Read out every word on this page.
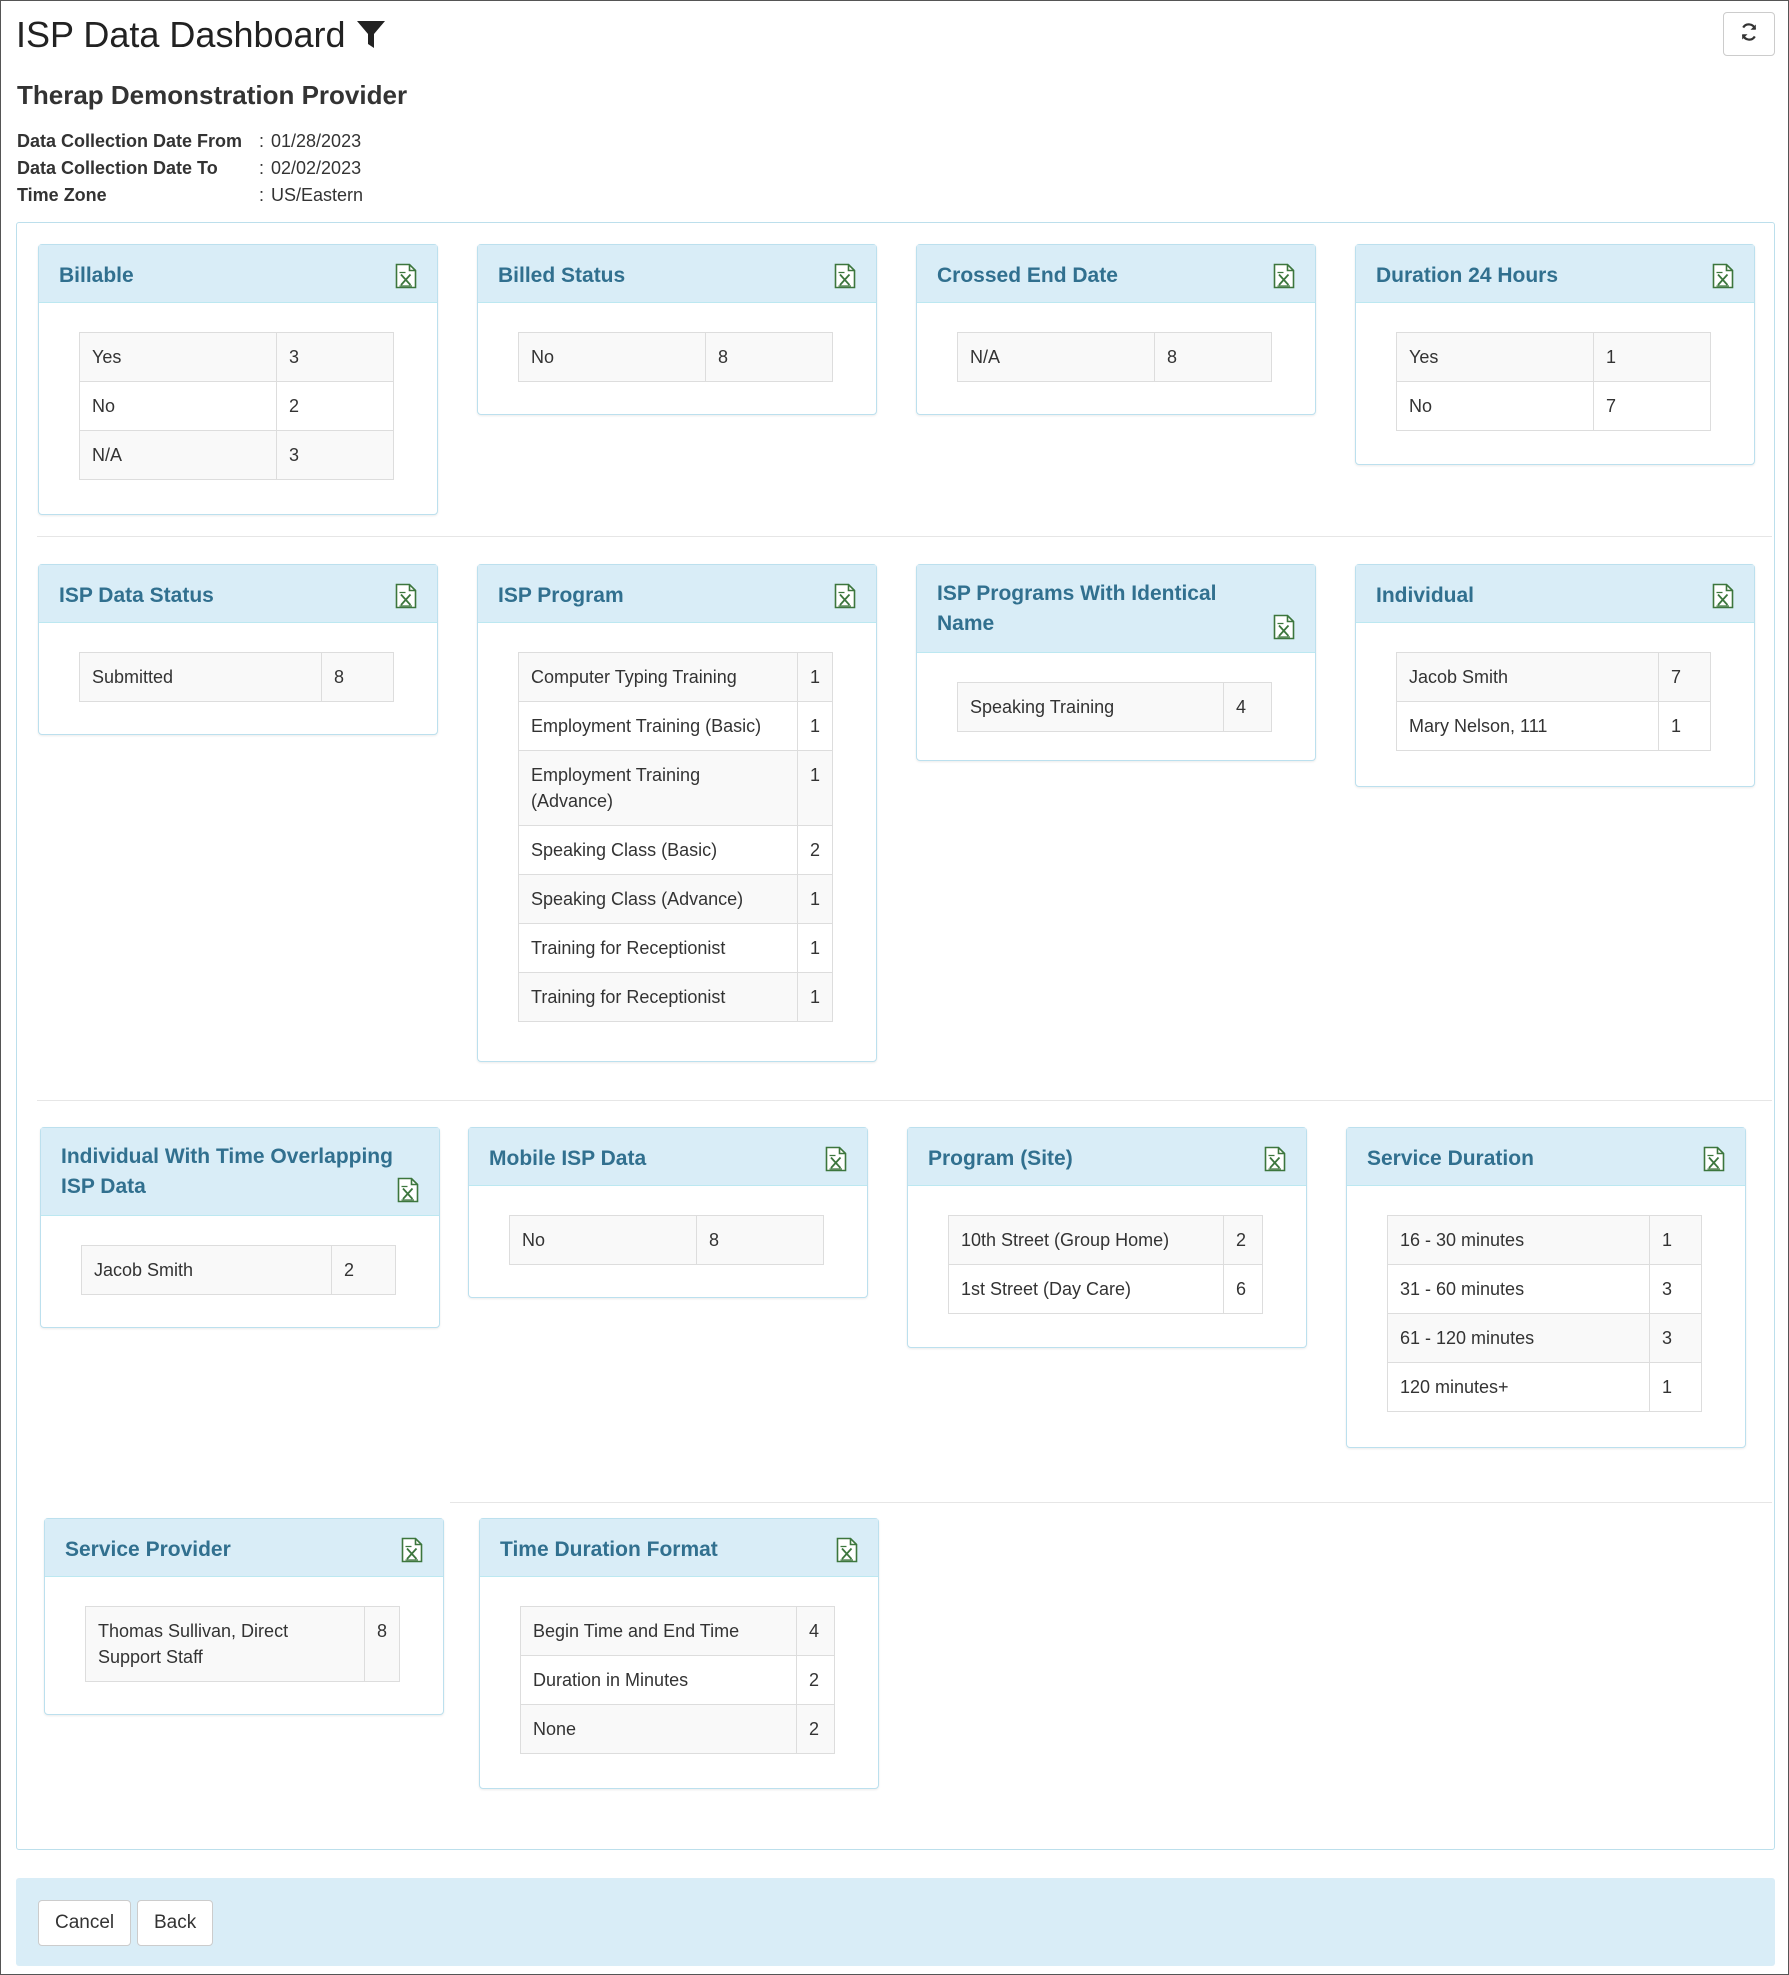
ISP Data Dashboard
Therap Demonstration Provider
Data Collection Date From : 01/28/2023
Data Collection Date To	: 02/02/2023
Time Zone	: US/Eastern
Billable
Yes	3
No	2
N/A	3
Billed Status
No	8
Crossed End Date
N/A	8
Duration 24 Hours
Yes	1
No	7
ISP Data Status
Submitted	8
ISP Program
Computer Typing Training	1
Employment Training (Basic)	1
Employment Training (Advance)	1
Speaking Class (Basic)	2
Speaking Class (Advance)	1
Training for Receptionist	1
Training for Receptionist	1
ISP Programs With Identical Name
Speaking Training	4
Individual
Jacob Smith	7
Mary Nelson, 111	1
Individual With Time Overlapping ISP Data
Jacob Smith	2
Mobile ISP Data
No	8
Program (Site)
10th Street (Group Home)	2
1st Street (Day Care)	6
Service Duration
16 - 30 minutes	1
31 - 60 minutes	3
61 - 120 minutes	3
120 minutes+	1
Service Provider
Thomas Sullivan, Direct Support Staff	8
Time Duration Format
Begin Time and End Time	4
Duration in Minutes	2
None	2
Cancel	Back
